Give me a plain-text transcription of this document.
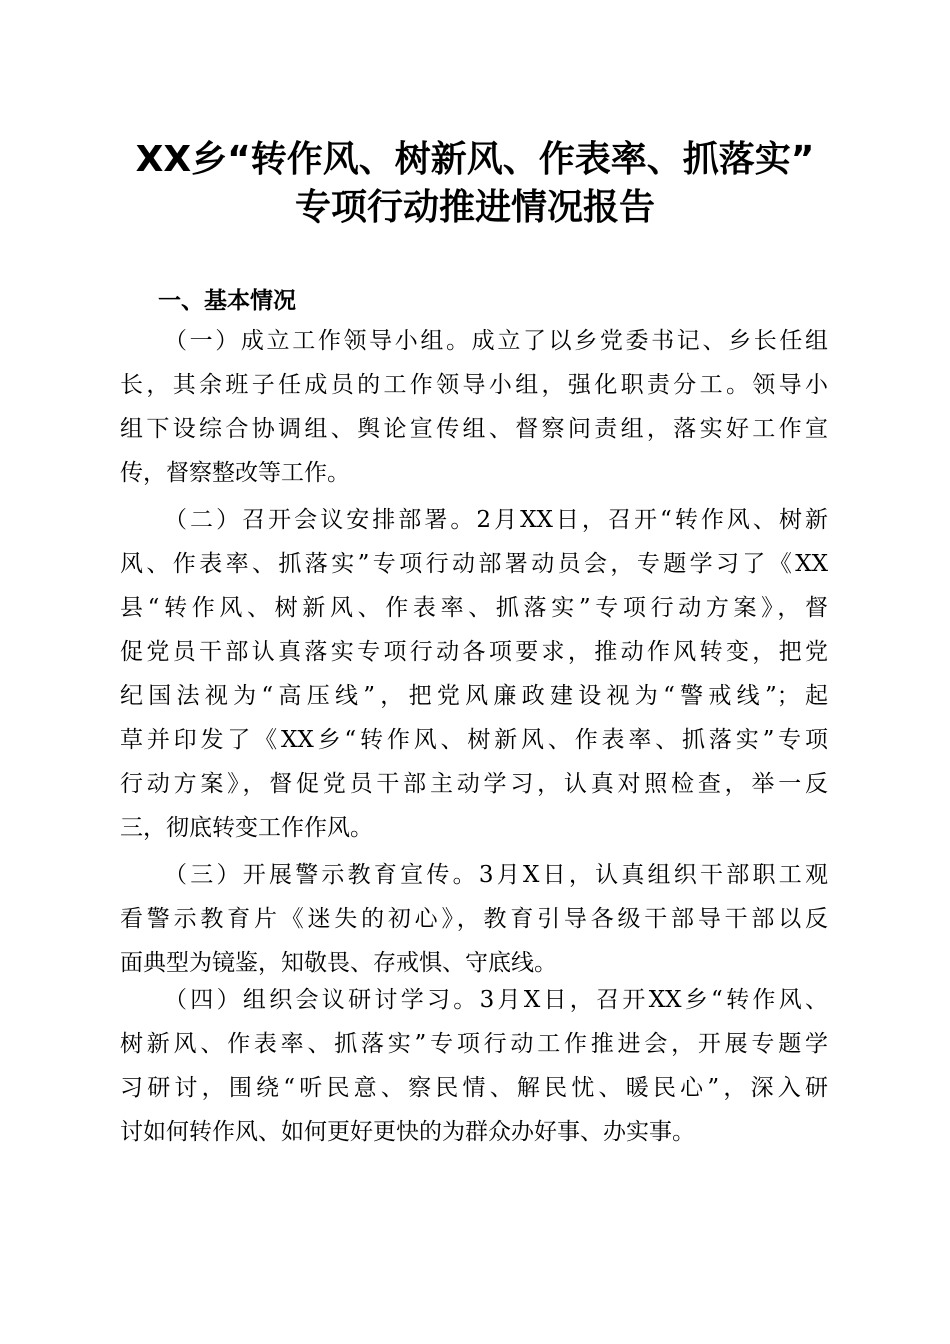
XX乡“转作风、树新风、作表率、抓落实”
专项行动推进情况报告
一、基本情况
（一）成立工作领导小组。成立了以乡党委书记、乡长任组
长，其余班子任成员的工作领导小组，强化职责分工。领导小
组下设综合协调组、舆论宣传组、督察问责组，落实好工作宣
传，督察整改等工作。
（二）召开会议安排部署。2月XX日，召开“转作风、树新
风、作表率、抓落实”专项行动部署动员会，专题学习了《XX
县“转作风、树新风、作表率、抓落实”专项行动方案》，督
促党员干部认真落实专项行动各项要求，推动作风转变，把党
纪国法视为“高压线”，把党风廉政建设视为“警戒线”；起
草并印发了《XX乡“转作风、树新风、作表率、抓落实”专项
行动方案》，督促党员干部主动学习，认真对照检查，举一反
三，彻底转变工作作风。
（三）开展警示教育宣传。3月X日，认真组织干部职工观
看警示教育片《迷失的初心》，教育引导各级干部导干部以反
面典型为镜鉴，知敬畏、存戒惧、守底线。
（四）组织会议研讨学习。3月X日，召开XX乡“转作风、
树新风、作表率、抓落实”专项行动工作推进会，开展专题学
习研讨，围绕“听民意、察民情、解民忧、暖民心”，深入研
讨如何转作风、如何更好更快的为群众办好事、办实事。
